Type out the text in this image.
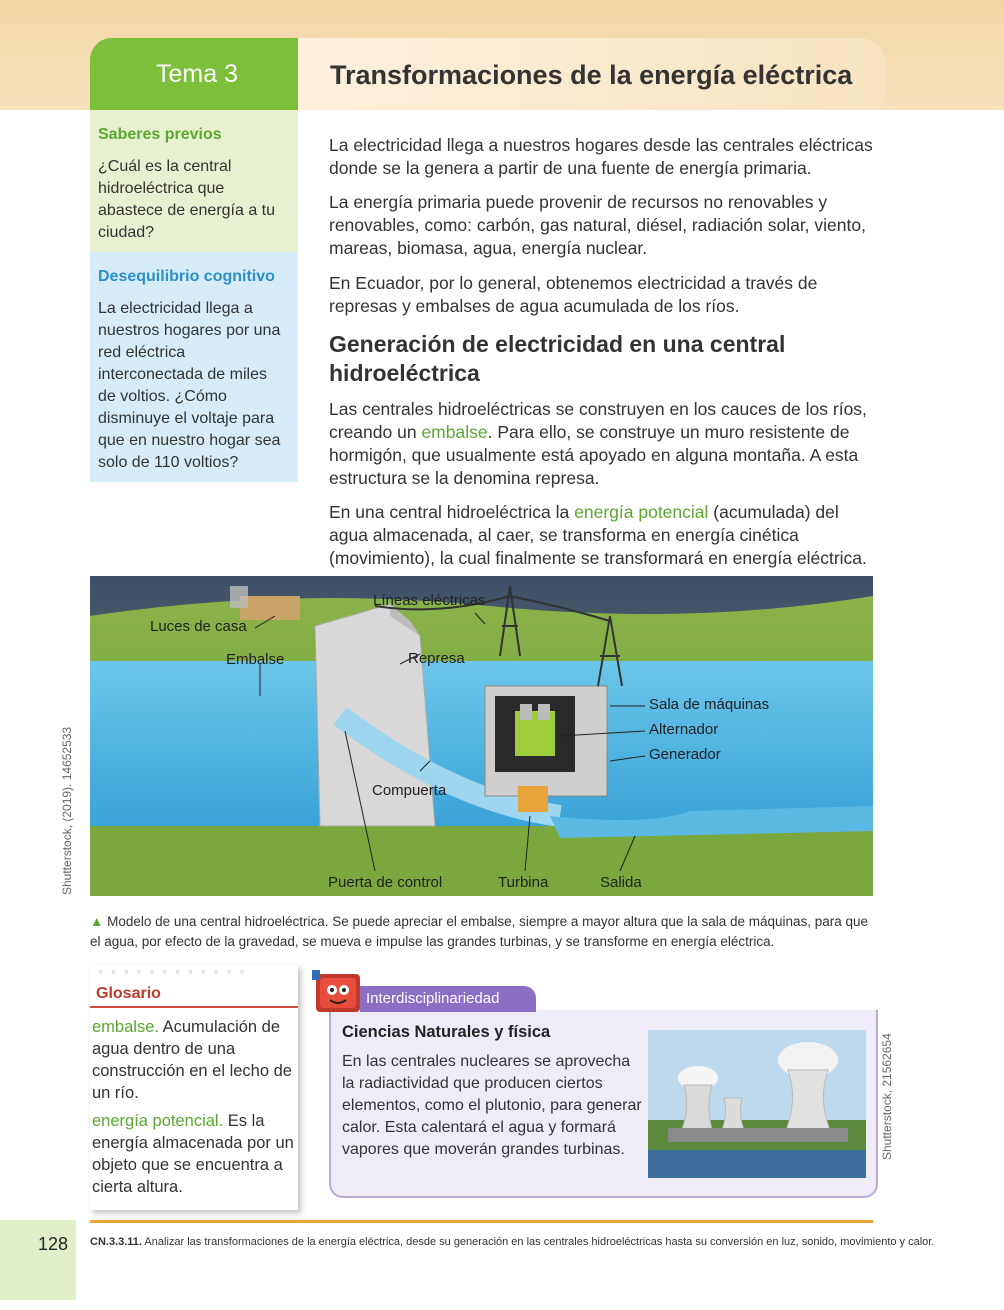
Tema 3	Transformaciones de la energía eléctrica
Saberes previos
¿Cuál es la central hidroeléctrica que abastece de energía a tu ciudad?
Desequilibrio cognitivo
La electricidad llega a nuestros hogares por una red eléctrica interconectada de miles de voltios. ¿Cómo disminuye el voltaje para que en nuestro hogar sea solo de 110 voltios?
La electricidad llega a nuestros hogares desde las centrales eléctricas donde se la genera a partir de una fuente de energía primaria.
La energía primaria puede provenir de recursos no renovables y renovables, como: carbón, gas natural, diésel, radiación solar, viento, mareas, biomasa, agua, energía nuclear.
En Ecuador, por lo general, obtenemos electricidad a través de represas y embalses de agua acumulada de los ríos.
Generación de electricidad en una central hidroeléctrica
Las centrales hidroeléctricas se construyen en los cauces de los ríos, creando un embalse. Para ello, se construye un muro resistente de hormigón, que usualmente está apoyado en alguna montaña. A esta estructura se la denomina represa.
En una central hidroeléctrica la energía potencial (acumulada) del agua almacenada, al caer, se transforma en energía cinética (movimiento), la cual finalmente se transformará en energía eléctrica.
Líneas eléctricas
Luces de casa
Embalse	Represa
Sala de máquinas
Alternador
Generador
Compuerta
Puerta de control	Turbina	Salida
Shutterstock, (2019). 14652533
▲ Modelo de una central hidroeléctrica. Se puede apreciar el embalse, siempre a mayor altura que la sala de máquinas, para que el agua, por efecto de la gravedad, se mueva e impulse las grandes turbinas, y se transforme en energía eléctrica.
◦ ◦ ◦ ◦ ◦ ◦ ◦ ◦ ◦ ◦ ◦ ◦
Glosario
embalse. Acumulación de agua dentro de una construcción en el lecho de un río.
energía potencial. Es la energía almacenada por un objeto que se encuentra a cierta altura.
Interdisciplinariedad
Ciencias Naturales y física
En las centrales nucleares se aprovecha la radiactividad que producen ciertos elementos, como el plutonio, para generar calor. Esta calentará el agua y formará vapores que moverán grandes turbinas.	Shutterstock, 21562654
128 CN.3.3.11. Analizar las transformaciones de la energía eléctrica, desde su generación en las centrales hidroeléctricas hasta su conversión en luz, sonido, movimiento y calor.
